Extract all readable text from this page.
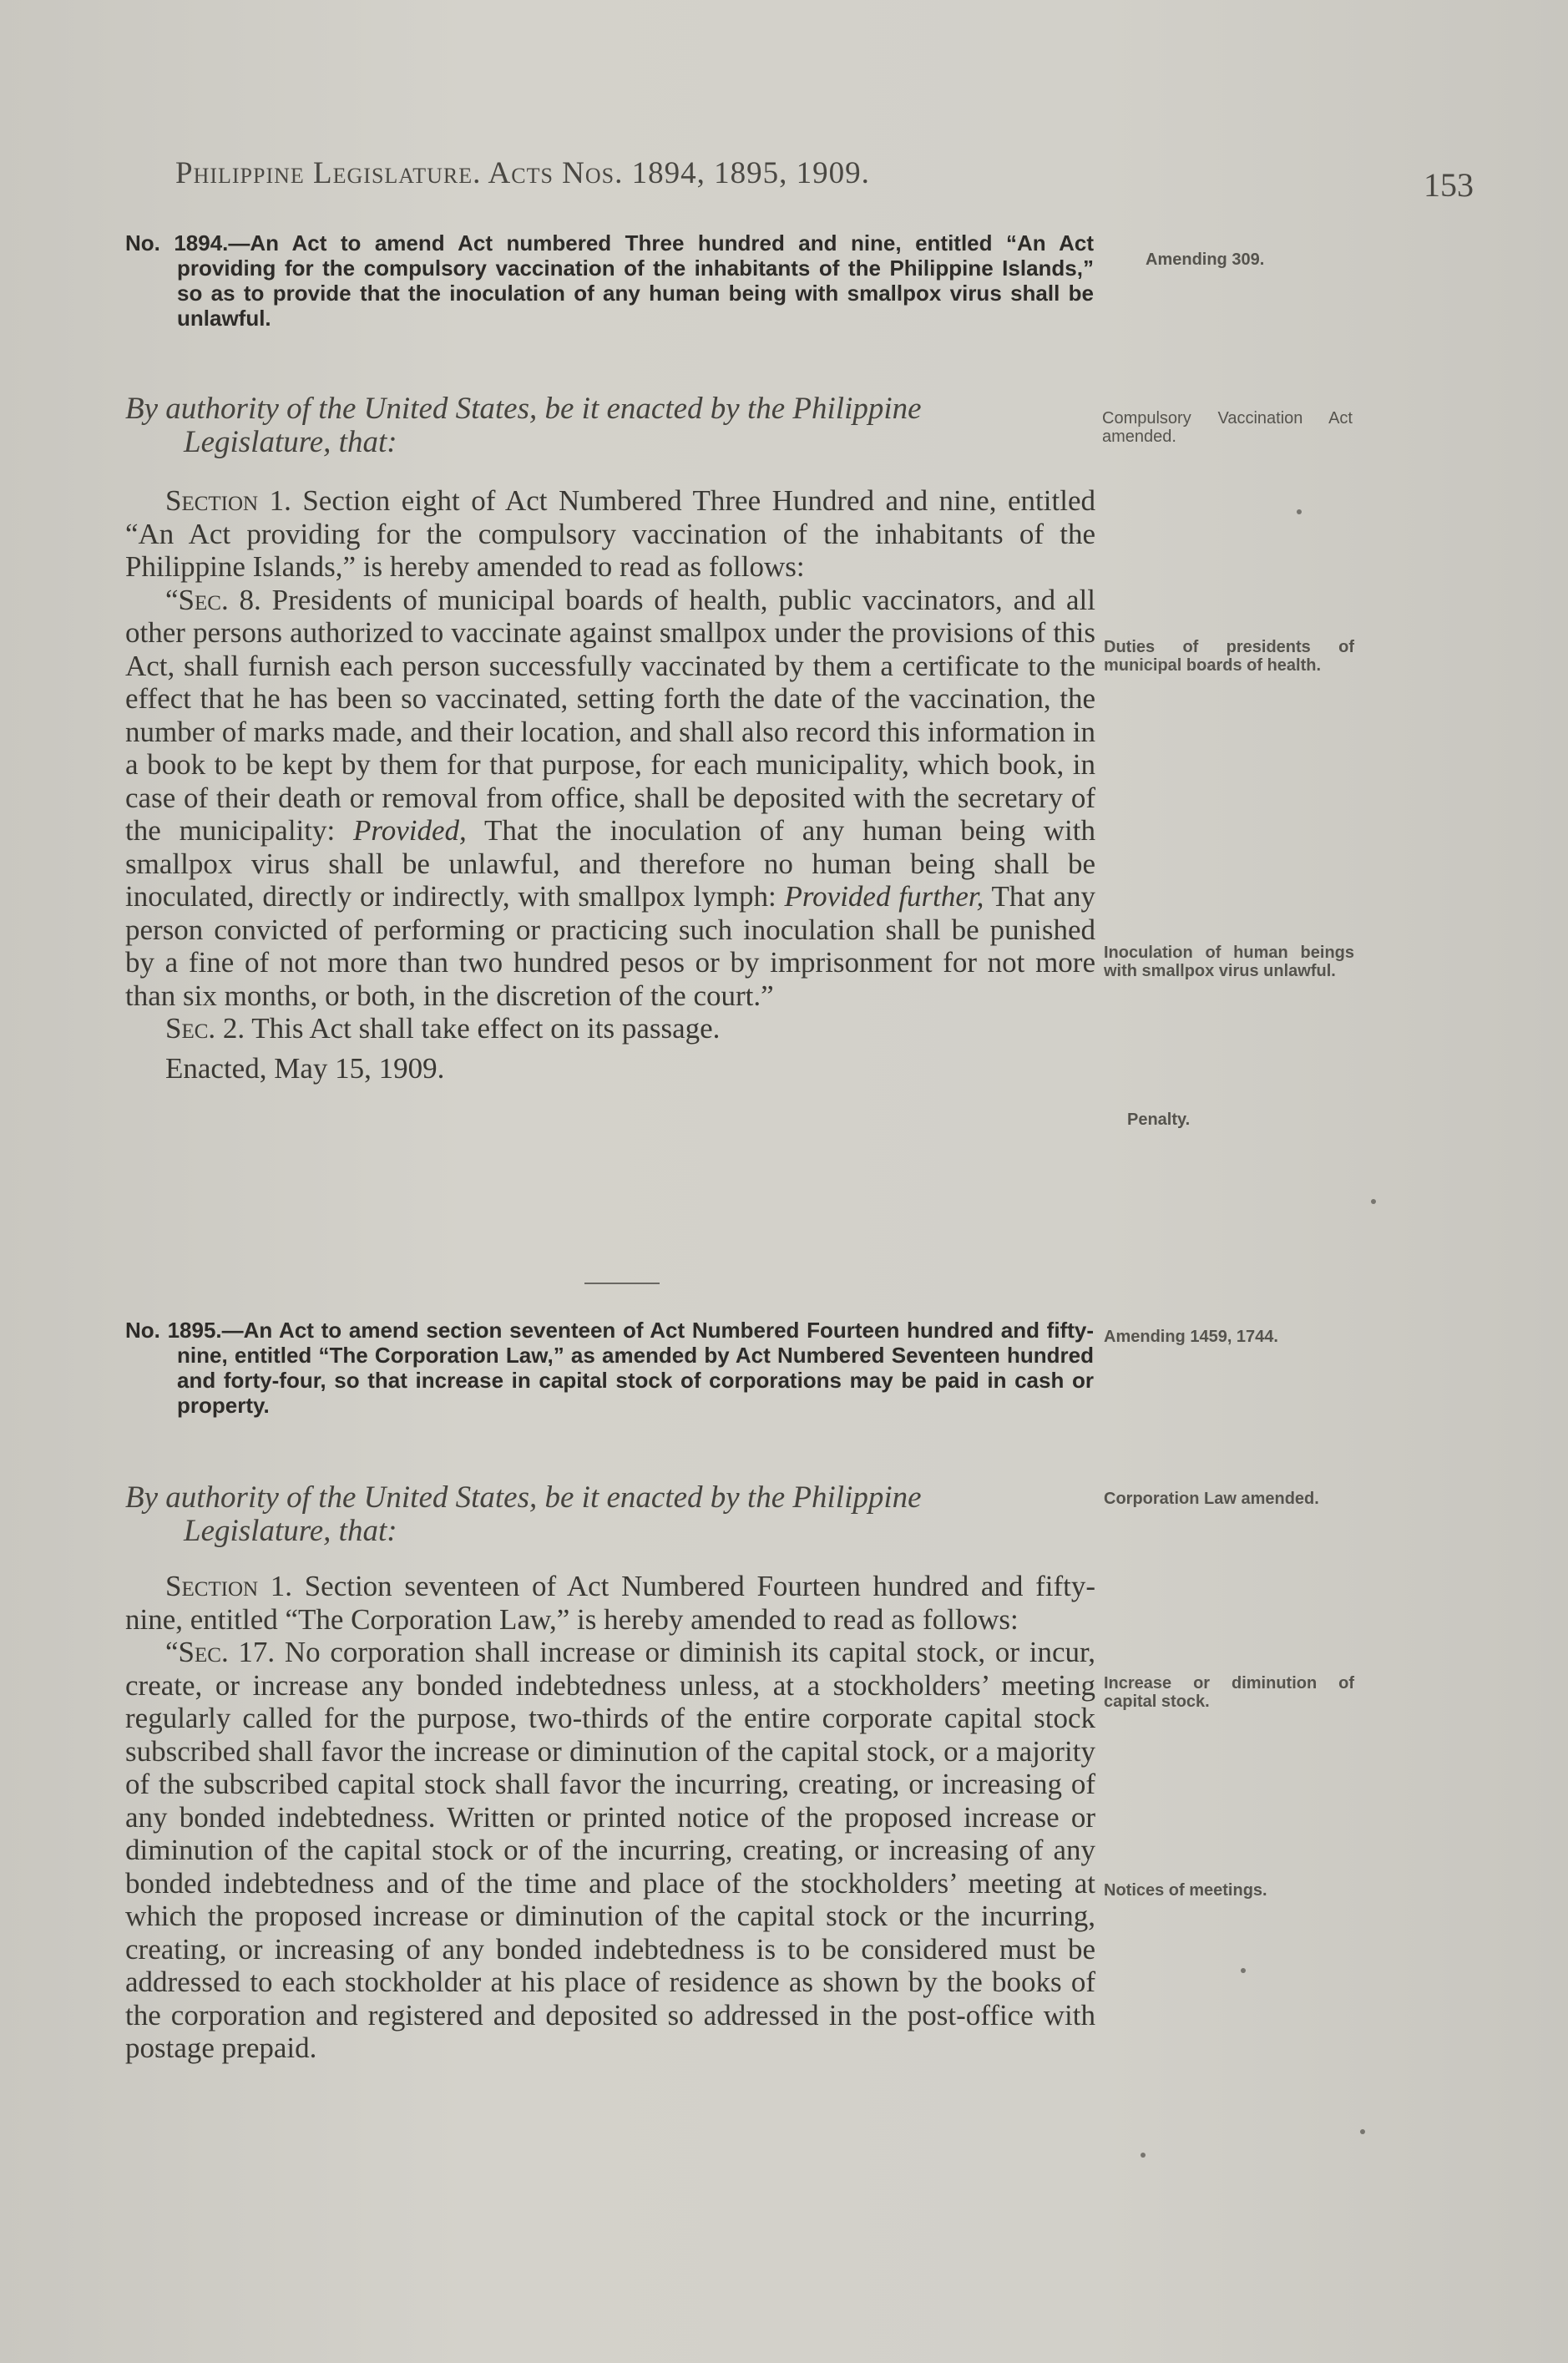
Philippine Legislature. Acts Nos. 1894, 1895, 1909.	153
No. 1894.—An Act to amend Act numbered Three hundred and nine, entitled “An Act providing for the compulsory vaccination of the inhabitants of the Philippine Islands,” so as to provide that the inoculation of any human being with smallpox virus shall be unlawful.
Amending 309.
By authority of the United States, be it enacted by the Philippine
Legislature, that:
Compulsory Vaccination Act amended.

Section 1. Section eight of Act Numbered Three Hundred and nine, entitled “An Act providing for the compulsory vaccination of the inhabitants of the Philippine Islands,” is hereby amended to read as follows:

“Sec. 8. Presidents of municipal boards of health, public vaccinators, and all other persons authorized to vaccinate against smallpox under the provisions of this Act, shall furnish each person successfully vaccinated by them a certificate to the effect that he has been so vaccinated, setting forth the date of the vaccination, the number of marks made, and their location, and shall also record this information in a book to be kept by them for that purpose, for each municipality, which book, in case of their death or removal from office, shall be deposited with the secretary of the municipality: Provided, That the inoculation of any human being with smallpox virus shall be unlawful, and therefore no human being shall be inoculated, directly or indirectly, with smallpox lymph: Provided further, That any person convicted of performing or practicing such inoculation shall be punished by a fine of not more than two hundred pesos or by imprisonment for not more than six months, or both, in the discretion of the court.”

Sec. 2. This Act shall take effect on its passage.

Enacted, May 15, 1909.

Duties of presidents of municipal boards of health.
Inoculation of human beings with smallpox virus unlawful.
Penalty.
No. 1895.—An Act to amend section seventeen of Act Numbered Fourteen hundred and fifty-nine, entitled “The Corporation Law,” as amended by Act Numbered Seventeen hundred and forty-four, so that increase in capital stock of corporations may be paid in cash or property.
Amending 1459, 1744.
By authority of the United States, be it enacted by the Philippine
Legislature, that:
Corporation Law amended.

Section 1. Section seventeen of Act Numbered Fourteen hundred and fifty-nine, entitled “The Corporation Law,” is hereby amended to read as follows:

“Sec. 17. No corporation shall increase or diminish its capital stock, or incur, create, or increase any bonded indebtedness unless, at a stockholders’ meeting regularly called for the purpose, two-thirds of the entire corporate capital stock subscribed shall favor the increase or diminution of the capital stock, or a majority of the subscribed capital stock shall favor the incurring, creating, or increasing of any bonded indebtedness. Written or printed notice of the proposed increase or diminution of the capital stock or of the incurring, creating, or increasing of any bonded indebtedness and of the time and place of the stockholders’ meeting at which the proposed increase or diminution of the capital stock or the incurring, creating, or increasing of any bonded indebtedness is to be considered must be addressed to each stockholder at his place of residence as shown by the books of the corporation and registered and deposited so addressed in the post-office with postage prepaid.

Increase or diminution of capital stock.
Notices of meetings.
